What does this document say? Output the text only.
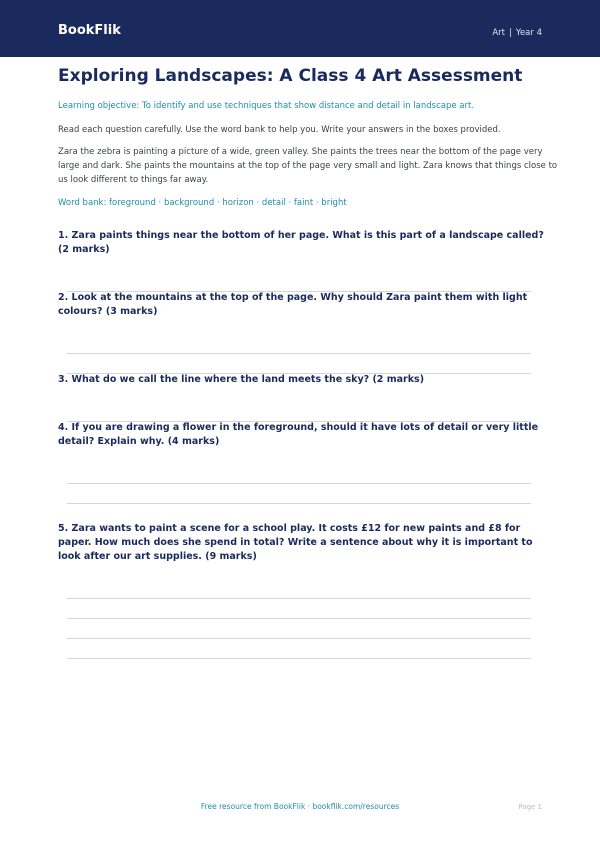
BookFlik	Art | Year 4
Exploring Landscapes: A Class 4 Art Assessment
Learning objective: To identify and use techniques that show distance and detail in landscape art.
Read each question carefully. Use the word bank to help you. Write your answers in the boxes provided.
Zara the zebra is painting a picture of a wide, green valley. She paints the trees near the bottom of the page very large and dark. She paints the mountains at the top of the page very small and light. Zara knows that things close to us look different to things far away.
Word bank: foreground · background · horizon · detail · faint · bright
1. Zara paints things near the bottom of her page. What is this part of a landscape called? (2 marks)
2. Look at the mountains at the top of the page. Why should Zara paint them with light colours? (3 marks)
3. What do we call the line where the land meets the sky? (2 marks)
4. If you are drawing a flower in the foreground, should it have lots of detail or very little detail? Explain why. (4 marks)
5. Zara wants to paint a scene for a school play. It costs £12 for new paints and £8 for paper. How much does she spend in total? Write a sentence about why it is important to look after our art supplies. (9 marks)
Free resource from BookFlik · bookflik.com/resources	Page 1
